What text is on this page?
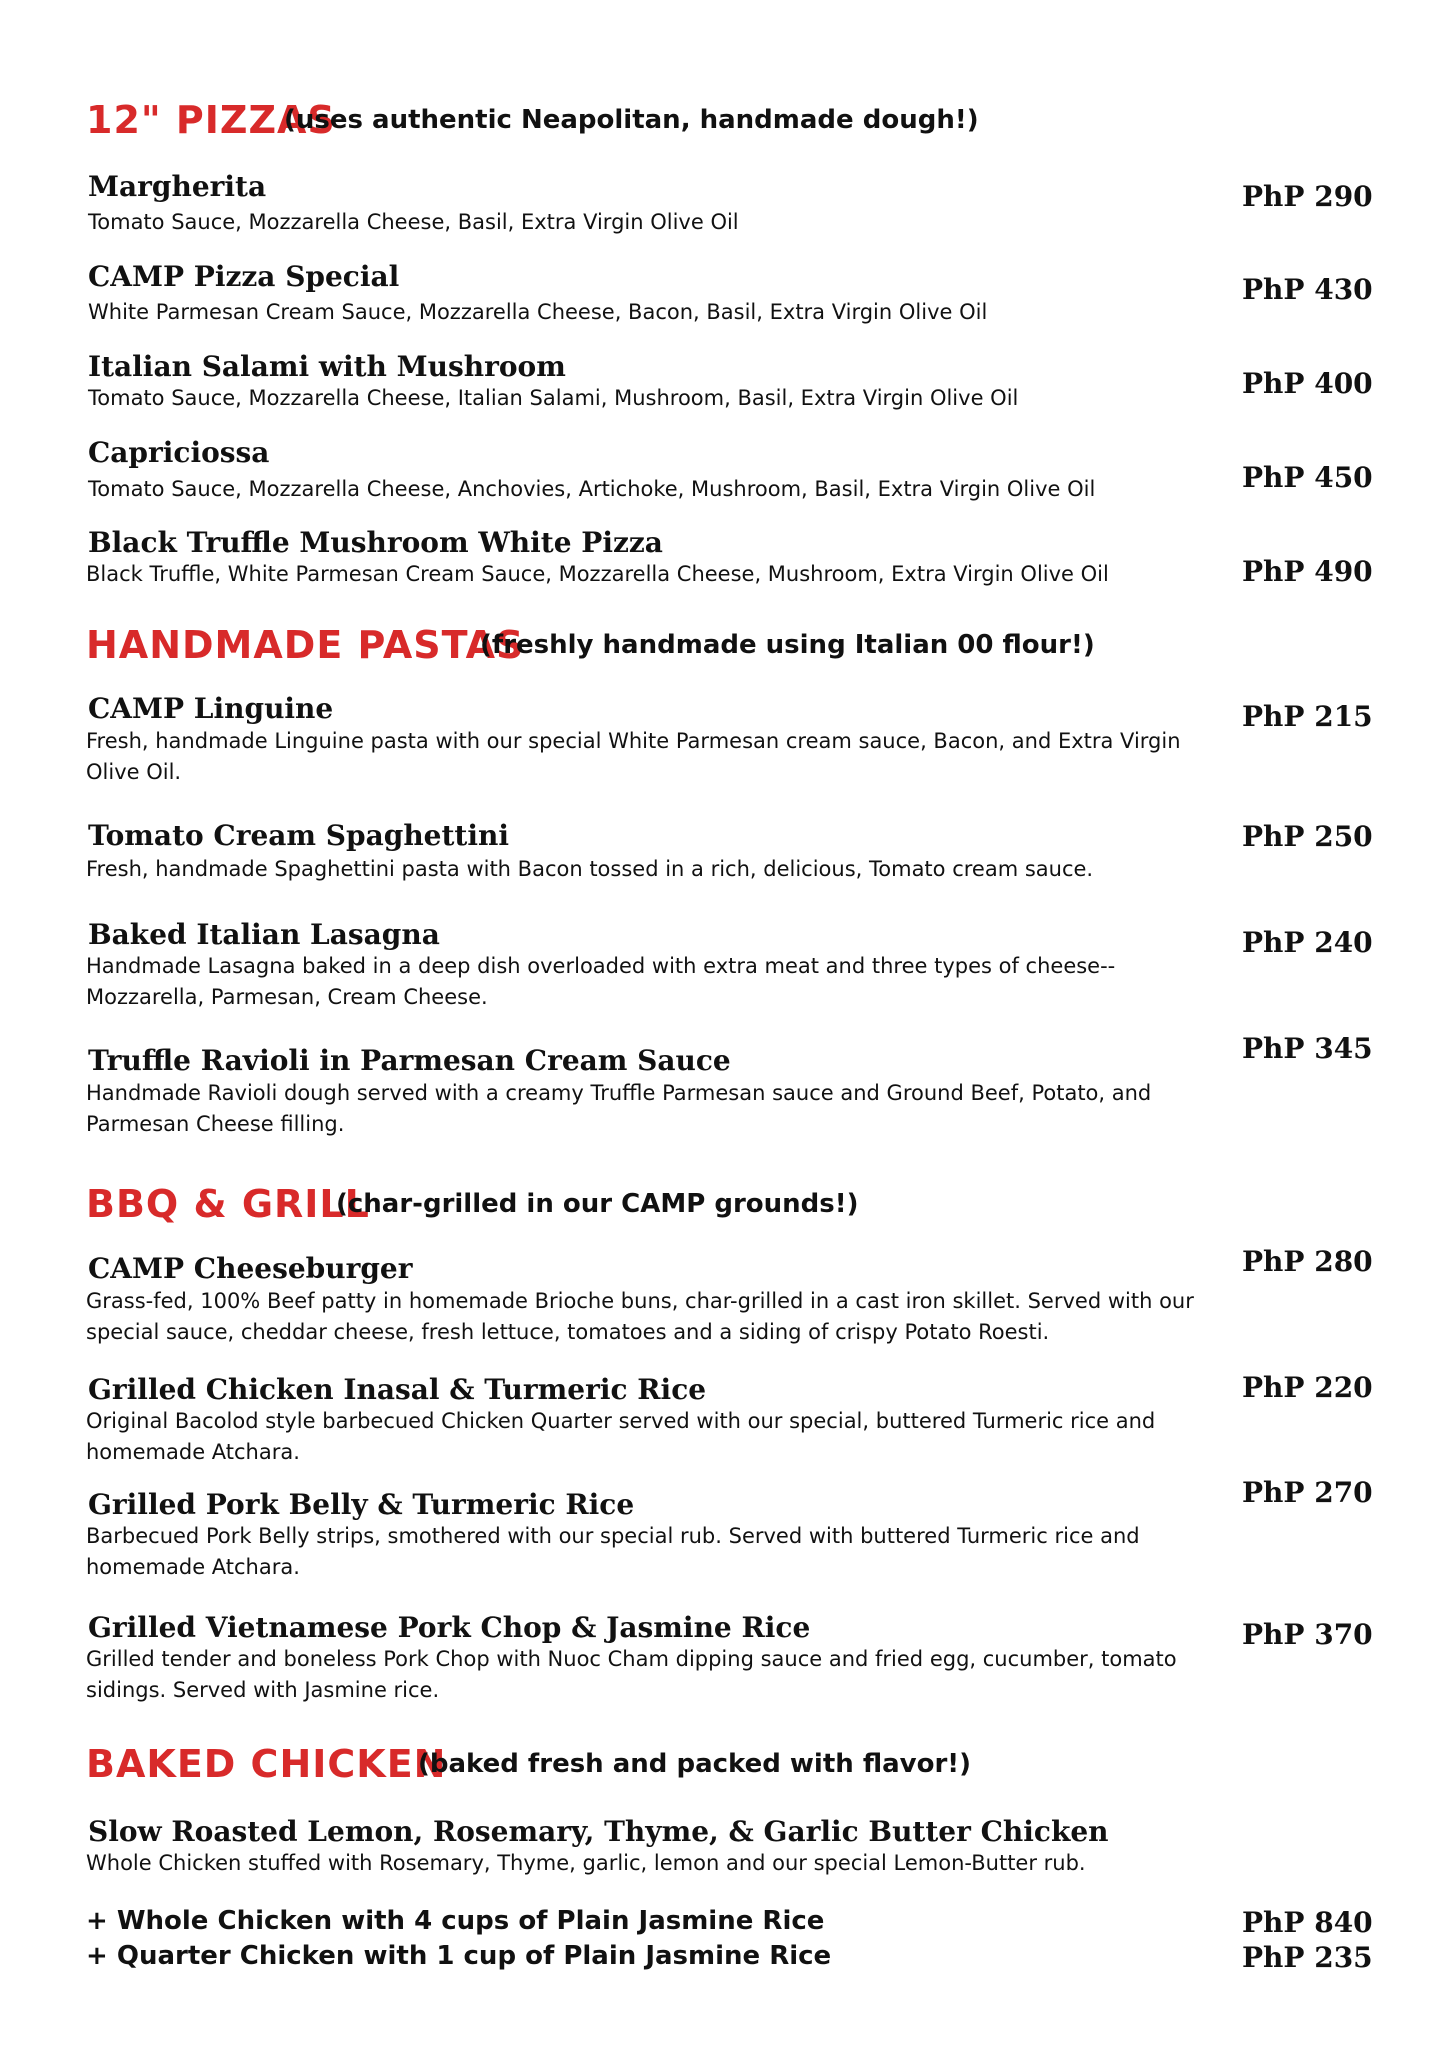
12" PIZZAS
(uses authentic Neapolitan, handmade dough!)
Margherita
Tomato Sauce, Mozzarella Cheese, Basil, Extra Virgin Olive Oil
PhP 290
CAMP Pizza Special
White Parmesan Cream Sauce, Mozzarella Cheese, Bacon, Basil, Extra Virgin Olive Oil
PhP 430
Italian Salami with Mushroom
Tomato Sauce, Mozzarella Cheese, Italian Salami, Mushroom, Basil, Extra Virgin Olive Oil	PhP 400
Capriciossa
Tomato Sauce, Mozzarella Cheese, Anchovies, Artichoke, Mushroom, Basil, Extra Virgin Olive Oil	PhP 450
Black Truffle Mushroom White Pizza
Black Truffle, White Parmesan Cream Sauce, Mozzarella Cheese, Mushroom, Extra Virgin Olive Oil	PhP 490
HANDMADE PASTAS
(freshly handmade using Italian 00 flour!)
CAMP Linguine
Fresh, handmade Linguine pasta with our special White Parmesan cream sauce, Bacon, and Extra Virgin Olive Oil.
PhP 215
Tomato Cream Spaghettini
Fresh, handmade Spaghettini pasta with Bacon tossed in a rich, delicious, Tomato cream sauce.
PhP 250
Baked Italian Lasagna
Handmade Lasagna baked in a deep dish overloaded with extra meat and three types of cheese-- Mozzarella, Parmesan, Cream Cheese.
PhP 240
Truffle Ravioli in Parmesan Cream Sauce
Handmade Ravioli dough served with a creamy Truffle Parmesan sauce and Ground Beef, Potato, and Parmesan Cheese filling.
PhP 345
BBQ & GRILL
(char-grilled in our CAMP grounds!)
CAMP Cheeseburger
Grass-fed, 100% Beef patty in homemade Brioche buns, char-grilled in a cast iron skillet. Served with our special sauce, cheddar cheese, fresh lettuce, tomatoes and a siding of crispy Potato Roesti.
PhP 280
Grilled Chicken Inasal & Turmeric Rice
Original Bacolod style barbecued Chicken Quarter served with our special, buttered Turmeric rice and homemade Atchara.
PhP 220
Grilled Pork Belly & Turmeric Rice
Barbecued Pork Belly strips, smothered with our special rub. Served with buttered Turmeric rice and homemade Atchara.
PhP 270
Grilled Vietnamese Pork Chop & Jasmine Rice
Grilled tender and boneless Pork Chop with Nuoc Cham dipping sauce and fried egg, cucumber, tomato sidings. Served with Jasmine rice.
PhP 370
BAKED CHICKEN
(baked fresh and packed with flavor!)
Slow Roasted Lemon, Rosemary, Thyme, & Garlic Butter Chicken
Whole Chicken stuffed with Rosemary, Thyme, garlic, lemon and our special Lemon-Butter rub.
+ Whole Chicken with 4 cups of Plain Jasmine Rice	PhP 840
+ Quarter Chicken with 1 cup of Plain Jasmine Rice	PhP 235
